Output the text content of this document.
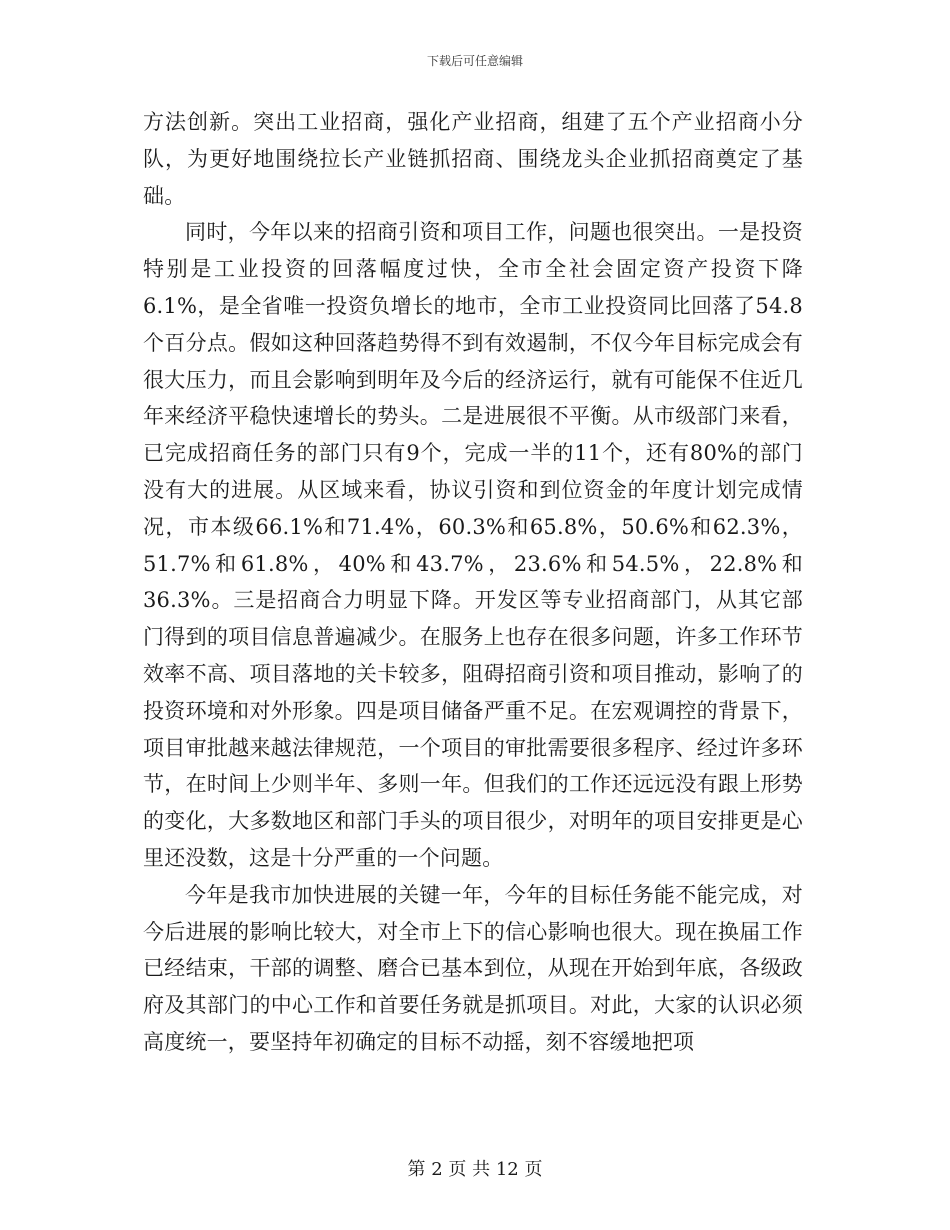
下载后可任意编辑

方法创新。突出工业招商，强化产业招商，组建了五个产业招商小分队，为更好地围绕拉长产业链抓招商、围绕龙头企业抓招商奠定了基础。

同时，今年以来的招商引资和项目工作，问题也很突出。一是投资特别是工业投资的回落幅度过快，全市全社会固定资产投资下降6.1%，是全省唯一投资负增长的地市，全市工业投资同比回落了54.8个百分点。假如这种回落趋势得不到有效遏制，不仅今年目标完成会有很大压力，而且会影响到明年及今后的经济运行，就有可能保不住近几年来经济平稳快速增长的势头。二是进展很不平衡。从市级部门来看，已完成招商任务的部门只有9个，完成一半的11个，还有80%的部门没有大的进展。从区域来看，协议引资和到位资金的年度计划完成情况，市本级66.1%和71.4%，60.3%和65.8%，50.6%和62.3%，51.7%和61.8%，40%和43.7%，23.6%和54.5%，22.8%和36.3%。三是招商合力明显下降。开发区等专业招商部门，从其它部门得到的项目信息普遍减少。在服务上也存在很多问题，许多工作环节效率不高、项目落地的关卡较多，阻碍招商引资和项目推动，影响了的投资环境和对外形象。四是项目储备严重不足。在宏观调控的背景下，项目审批越来越法律规范，一个项目的审批需要很多程序、经过许多环节，在时间上少则半年、多则一年。但我们的工作还远远没有跟上形势的变化，大多数地区和部门手头的项目很少，对明年的项目安排更是心里还没数，这是十分严重的一个问题。

今年是我市加快进展的关键一年，今年的目标任务能不能完成，对今后进展的影响比较大，对全市上下的信心影响也很大。现在换届工作已经结束，干部的调整、磨合已基本到位，从现在开始到年底，各级政府及其部门的中心工作和首要任务就是抓项目。对此，大家的认识必须高度统一，要坚持年初确定的目标不动摇，刻不容缓地把项

第 2 页 共 12 页
